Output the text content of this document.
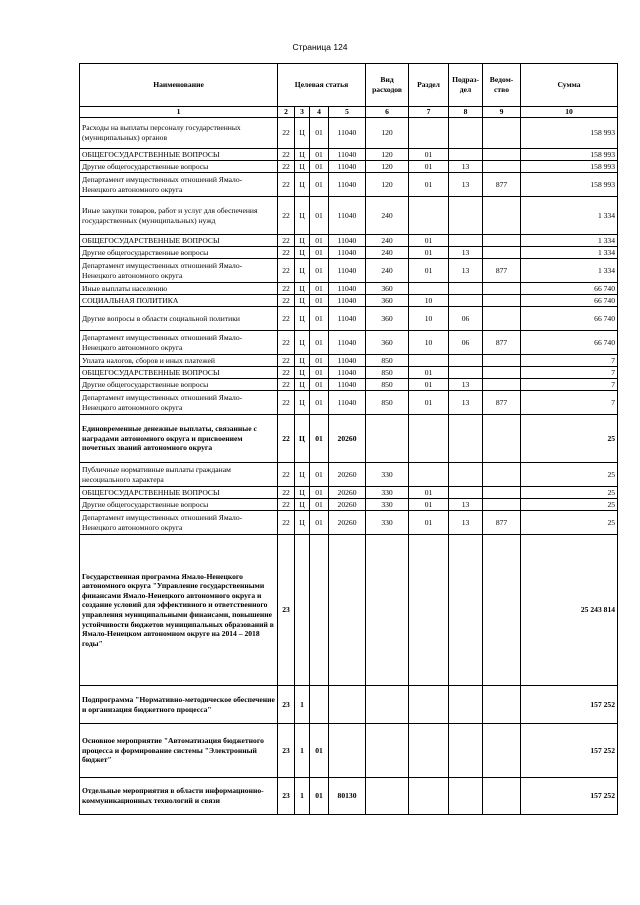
Страница 124
Наименование	Целевая статья				Вид расходов	Раздел	Подраз- дел	Ведом- ство	Сумма
1	2	3	4	5	6	7	8	9	10
Расходы на выплаты персоналу государственных (муниципальных) органов	22	Ц	01	11040	120				158 993
ОБЩЕГОСУДАРСТВЕННЫЕ ВОПРОСЫ	22	Ц	01	11040	120	01			158 993
Другие общегосударственные вопросы	22	Ц	01	11040	120	01	13		158 993
Департамент имущественных отношений Ямало-Ненецкого автономного округа	22	Ц	01	11040	120	01	13	877	158 993
Иные закупки товаров, работ и услуг для обеспечения государственных (муниципальных) нужд	22	Ц	01	11040	240				1 334
ОБЩЕГОСУДАРСТВЕННЫЕ ВОПРОСЫ	22	Ц	01	11040	240	01			1 334
Другие общегосударственные вопросы	22	Ц	01	11040	240	01	13		1 334
Департамент имущественных отношений Ямало-Ненецкого автономного округа	22	Ц	01	11040	240	01	13	877	1 334
Иные выплаты населению	22	Ц	01	11040	360				66 740
СОЦИАЛЬНАЯ ПОЛИТИКА	22	Ц	01	11040	360	10			66 740
Другие вопросы в области социальной политики	22	Ц	01	11040	360	10	06		66 740
Департамент имущественных отношений Ямало-Ненецкого автономного округа	22	Ц	01	11040	360	10	06	877	66 740
Уплата налогов, сборов и иных платежей	22	Ц	01	11040	850				7
ОБЩЕГОСУДАРСТВЕННЫЕ ВОПРОСЫ	22	Ц	01	11040	850	01			7
Другие общегосударственные вопросы	22	Ц	01	11040	850	01	13		7
Департамент имущественных отношений Ямало-Ненецкого автономного округа	22	Ц	01	11040	850	01	13	877	7
Единовременные денежные выплаты, связанные с наградами автономного округа и присвоением почетных званий автономного округа	22	Ц	01	20260					25
Публичные нормативные выплаты гражданам несоциального характера	22	Ц	01	20260	330				25
ОБЩЕГОСУДАРСТВЕННЫЕ ВОПРОСЫ	22	Ц	01	20260	330	01			25
Другие общегосударственные вопросы	22	Ц	01	20260	330	01	13		25
Департамент имущественных отношений Ямало-Ненецкого автономного округа	22	Ц	01	20260	330	01	13	877	25
Государственная программа Ямало-Ненецкого автономного округа "Управление государственными финансами Ямало-Ненецкого автономного округа и создание условий для эффективного и ответственного управления муниципальными финансами, повышение устойчивости бюджетов муниципальных образований в Ямало-Ненецком автономном округе на 2014 – 2018 годы"	23								25 243 814
Подпрограмма "Нормативно-методическое обеспечение и организация бюджетного процесса"	23	1							157 252
Основное мероприятие "Автоматизация бюджетного процесса и формирование системы "Электронный бюджет"	23	1	01						157 252
Отдельные мероприятия в области информационно-коммуникационных технологий и связи	23	1	01	80130					157 252
